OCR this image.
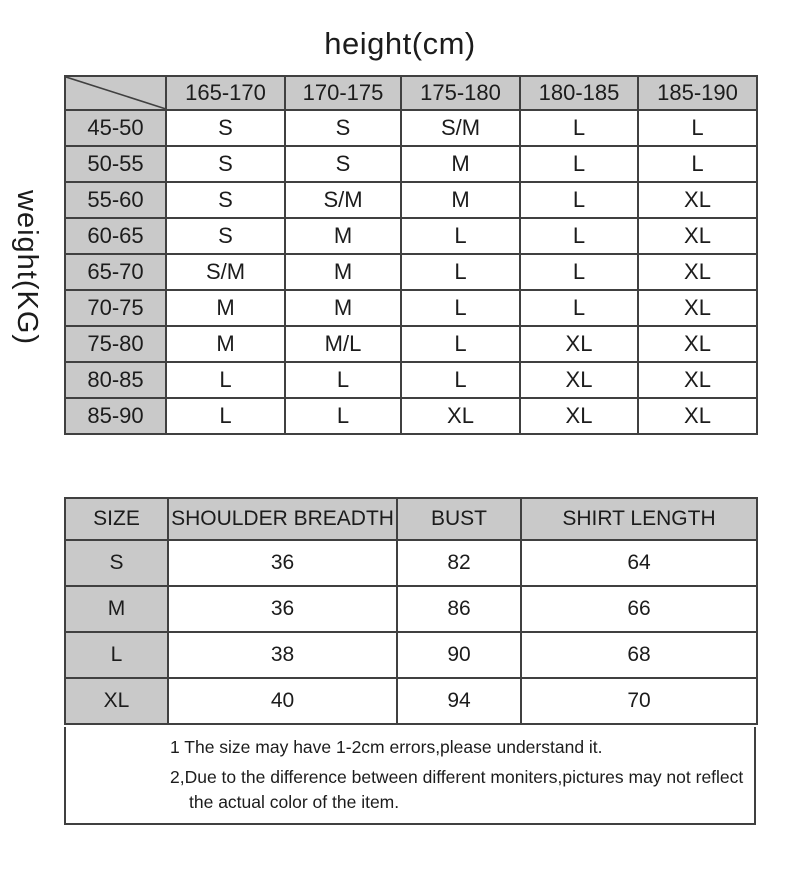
height(cm)
weight(KG)
	165-170	170-175	175-180	180-185	185-190
45-50	S	S	S/M	L	L
50-55	S	S	M	L	L
55-60	S	S/M	M	L	XL
60-65	S	M	L	L	XL
65-70	S/M	M	L	L	XL
70-75	M	M	L	L	XL
75-80	M	M/L	L	XL	XL
80-85	L	L	L	XL	XL
85-90	L	L	XL	XL	XL
SIZE	SHOULDER BREADTH	BUST	SHIRT LENGTH
S	36	82	64
M	36	86	66
L	38	90	68
XL	40	94	70

1 The size may have 1-2cm errors,please understand it.

2,Due to the difference between different moniters,pictures may not reflect

the actual color of the item.
